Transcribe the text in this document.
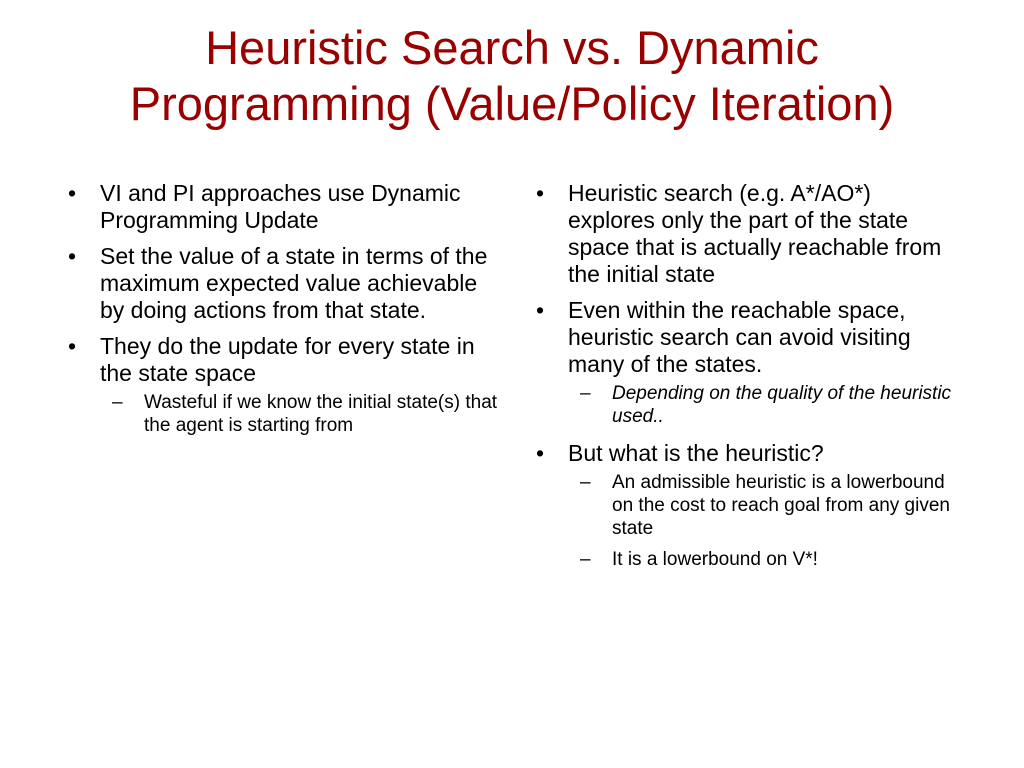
Heuristic Search vs. Dynamic
Programming (Value/Policy Iteration)
• VI and PI approaches use Dynamic Programming Update
• Set the value of a state in terms of the maximum expected value achievable by doing actions from that state.
• They do the update for every state in the state space
– Wasteful if we know the initial state(s) that the agent is starting from
• Heuristic search (e.g. A*/AO*) explores only the part of the state space that is actually reachable from the initial state
• Even within the reachable space, heuristic search can avoid visiting many of the states.
– Depending on the quality of the heuristic used..
• But what is the heuristic?
– An admissible heuristic is a lowerbound on the cost to reach goal from any given state
– It is a lowerbound on V*!
